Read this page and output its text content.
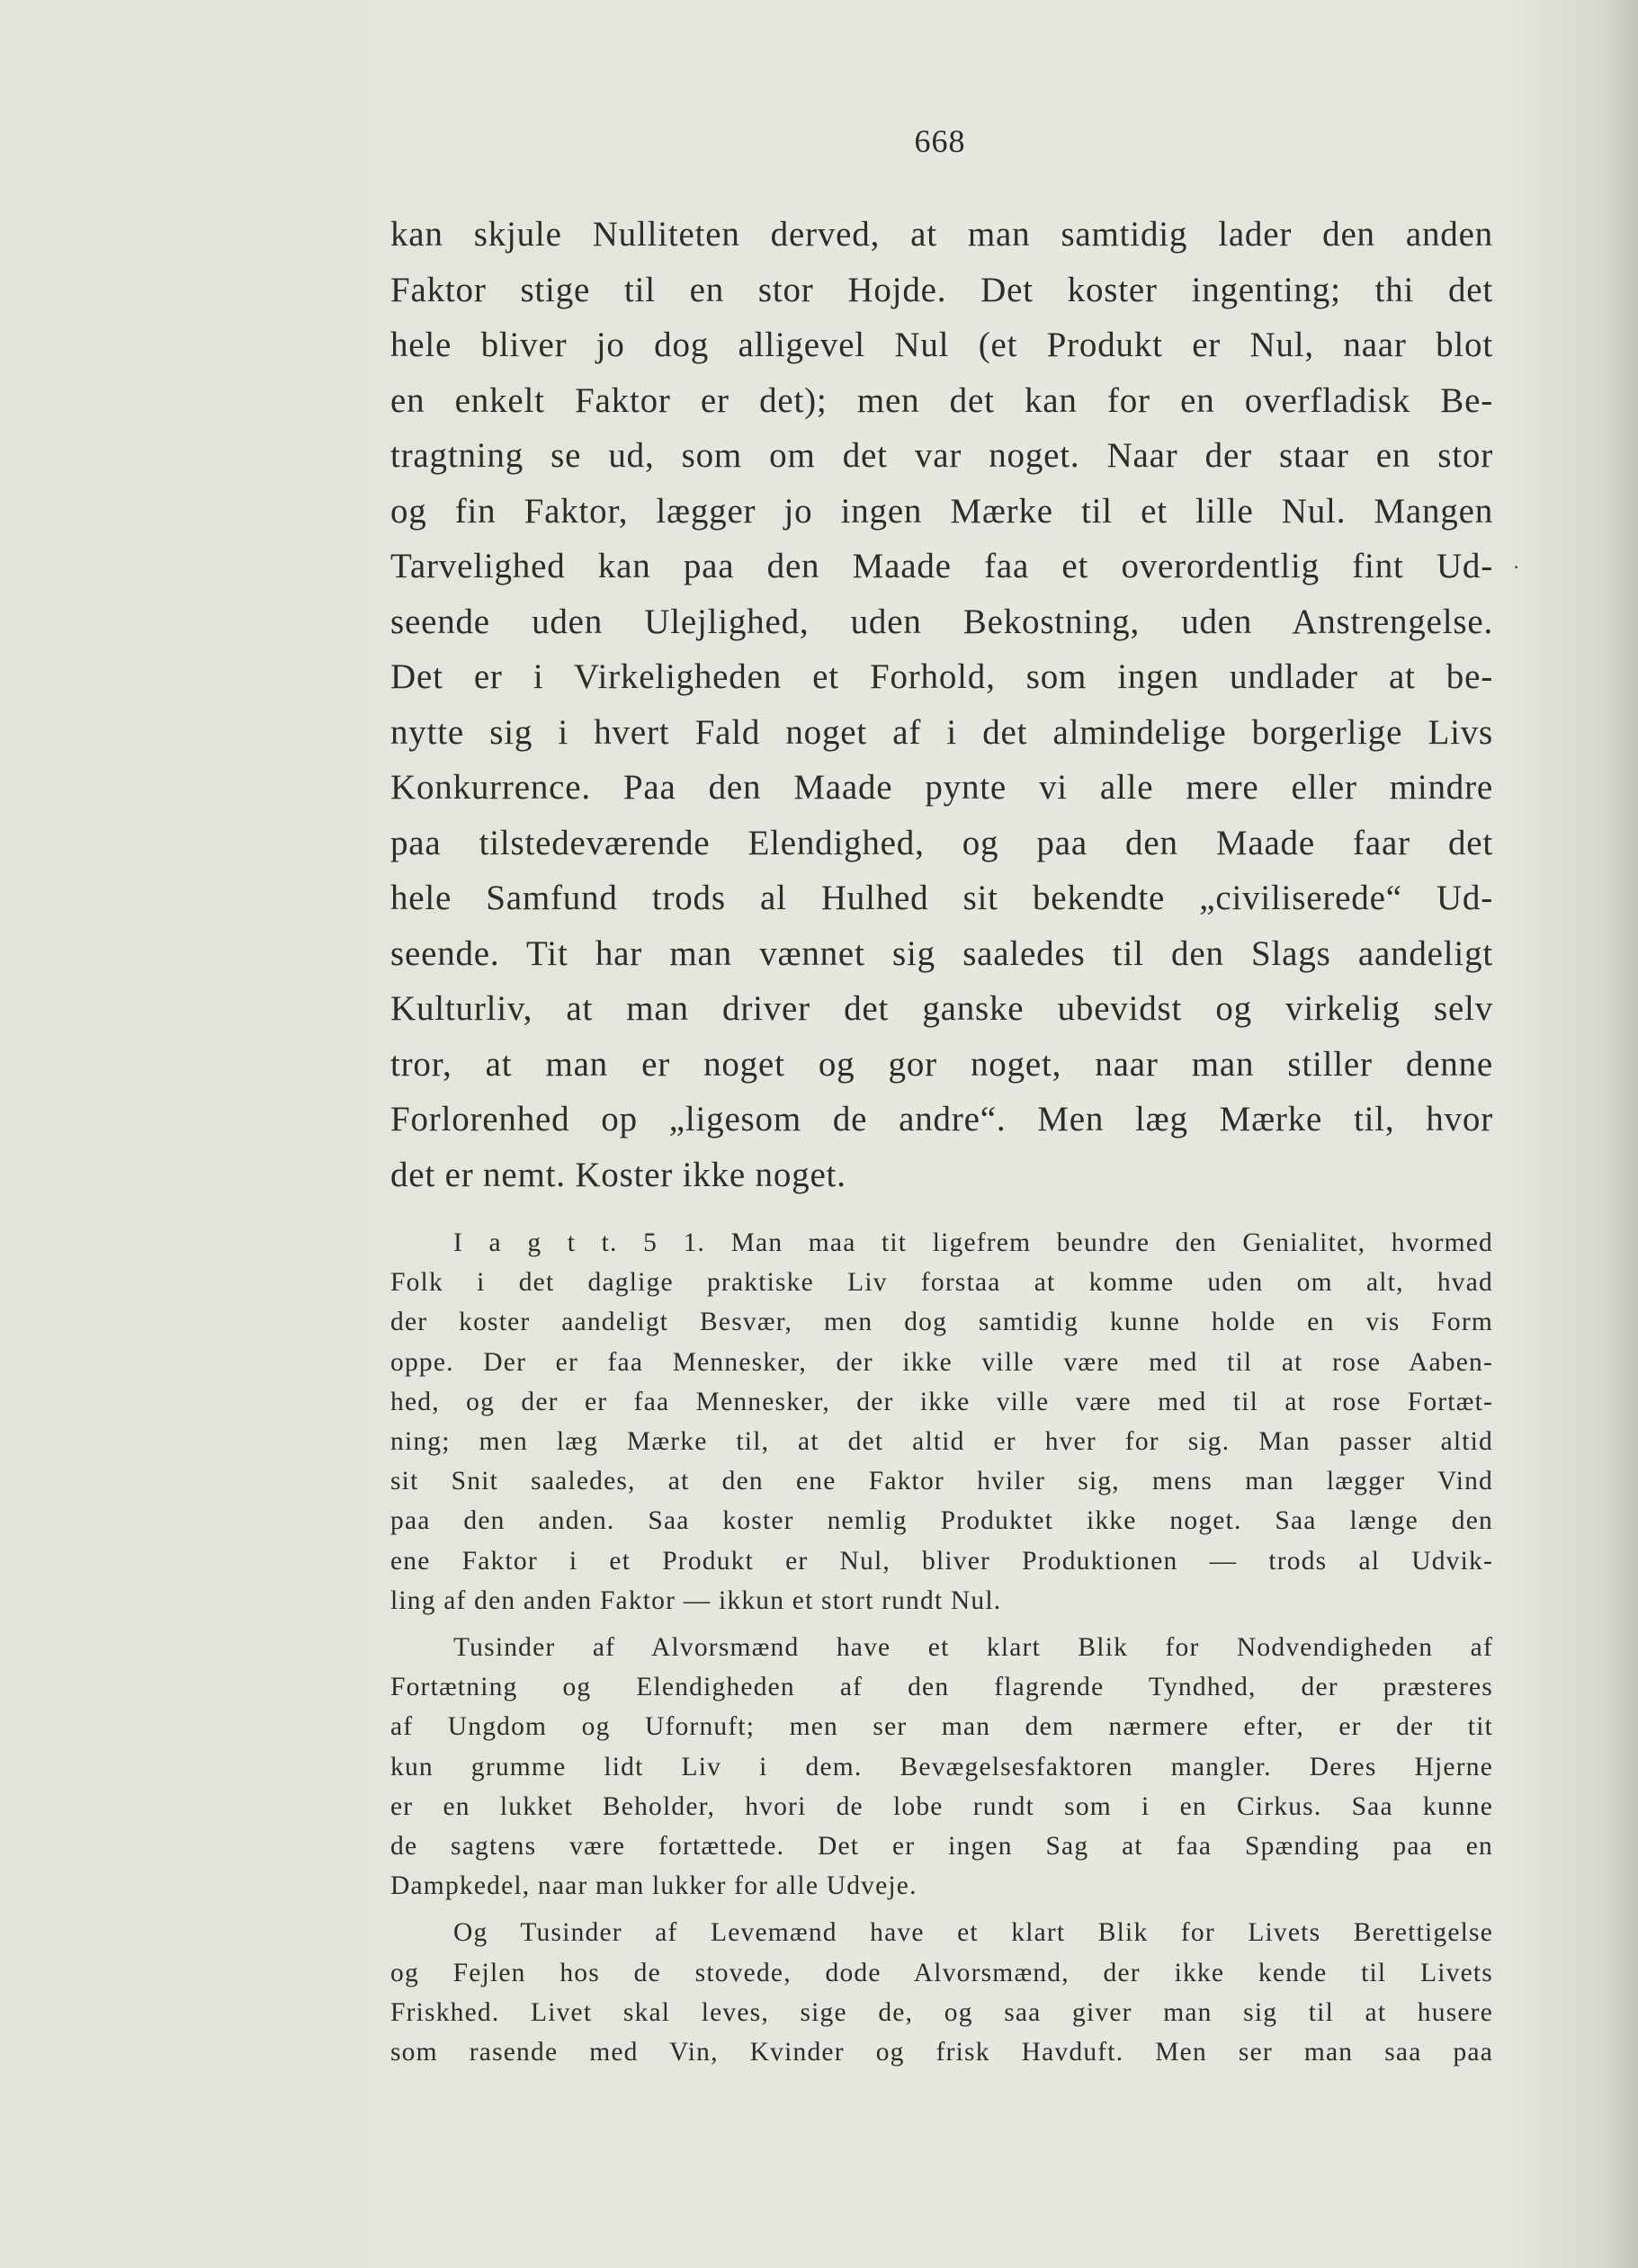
668
·
kan skjule Nulliteten derved, at man samtidig lader den anden
Faktor stige til en stor Hojde. Det koster ingenting; thi det
hele bliver jo dog alligevel Nul (et Produkt er Nul, naar blot
en enkelt Faktor er det); men det kan for en overfladisk Be-
tragtning se ud, som om det var noget. Naar der staar en stor
og fin Faktor, lægger jo ingen Mærke til et lille Nul. Mangen
Tarvelighed kan paa den Maade faa et overordentlig fint Ud-
seende uden Ulejlighed, uden Bekostning, uden Anstrengelse.
Det er i Virkeligheden et Forhold, som ingen undlader at be-
nytte sig i hvert Fald noget af i det almindelige borgerlige Livs
Konkurrence. Paa den Maade pynte vi alle mere eller mindre
paa tilstedeværende Elendighed, og paa den Maade faar det
hele Samfund trods al Hulhed sit bekendte „civiliserede“ Ud-
seende. Tit har man vænnet sig saaledes til den Slags aandeligt
Kulturliv, at man driver det ganske ubevidst og virkelig selv
tror, at man er noget og gor noget, naar man stiller denne
Forlorenhed op „ligesom de andre“. Men læg Mærke til, hvor
det er nemt. Koster ikke noget.
I a g t t. 5 1. Man maa tit ligefrem beundre den Genialitet, hvormed
Folk i det daglige praktiske Liv forstaa at komme uden om alt, hvad
der koster aandeligt Besvær, men dog samtidig kunne holde en vis Form
oppe. Der er faa Mennesker, der ikke ville være med til at rose Aaben-
hed, og der er faa Mennesker, der ikke ville være med til at rose Fortæt-
ning; men læg Mærke til, at det altid er hver for sig. Man passer altid
sit Snit saaledes, at den ene Faktor hviler sig, mens man lægger Vind
paa den anden. Saa koster nemlig Produktet ikke noget. Saa længe den
ene Faktor i et Produkt er Nul, bliver Produktionen — trods al Udvik-
ling af den anden Faktor — ikkun et stort rundt Nul.
Tusinder af Alvorsmænd have et klart Blik for Nodvendigheden af
Fortætning og Elendigheden af den flagrende Tyndhed, der præsteres
af Ungdom og Ufornuft; men ser man dem nærmere efter, er der tit
kun grumme lidt Liv i dem. Bevægelsesfaktoren mangler. Deres Hjerne
er en lukket Beholder, hvori de lobe rundt som i en Cirkus. Saa kunne
de sagtens være fortættede. Det er ingen Sag at faa Spænding paa en
Dampkedel, naar man lukker for alle Udveje.
Og Tusinder af Levemænd have et klart Blik for Livets Berettigelse
og Fejlen hos de stovede, dode Alvorsmænd, der ikke kende til Livets
Friskhed. Livet skal leves, sige de, og saa giver man sig til at husere
som rasende med Vin, Kvinder og frisk Havduft. Men ser man saa paa
